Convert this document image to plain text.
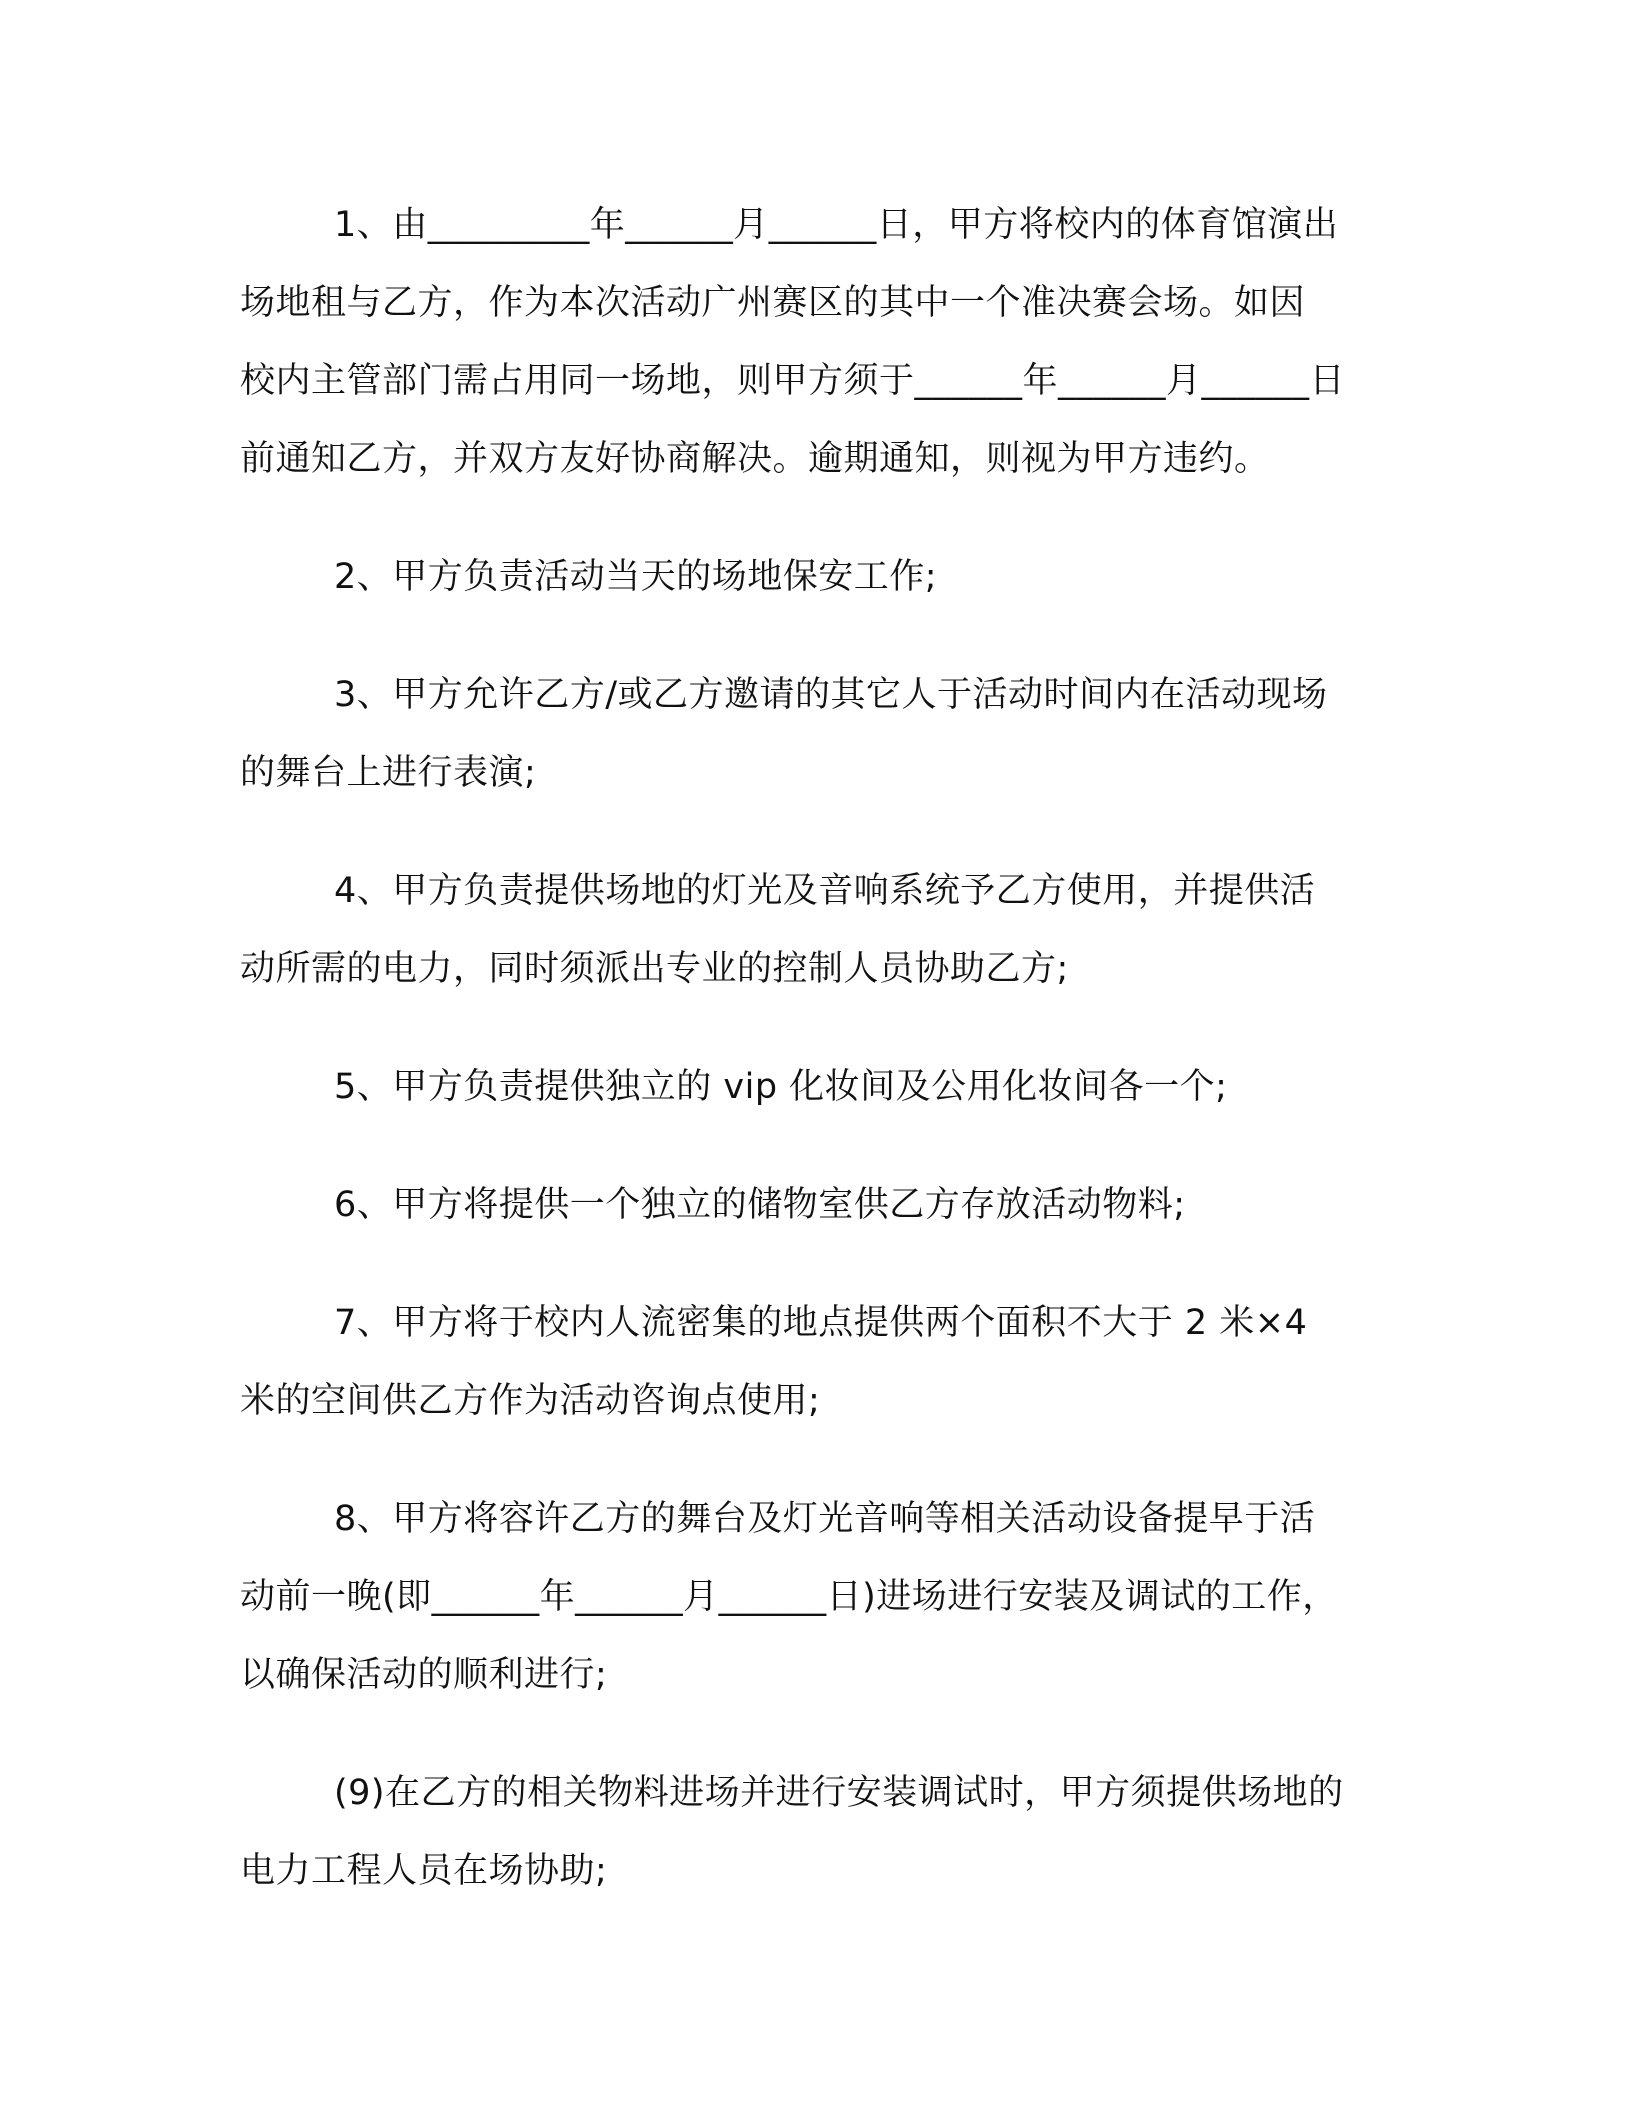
1、由_________年______月______日，甲方将校内的体育馆演出
场地租与乙方，作为本次活动广州赛区的其中一个准决赛会场。如因
校内主管部门需占用同一场地，则甲方须于______年______月______日
前通知乙方，并双方友好协商解决。逾期通知，则视为甲方违约。
2、甲方负责活动当天的场地保安工作;
3、甲方允许乙方/或乙方邀请的其它人于活动时间内在活动现场
的舞台上进行表演;
4、甲方负责提供场地的灯光及音响系统予乙方使用，并提供活
动所需的电力，同时须派出专业的控制人员协助乙方;
5、甲方负责提供独立的 vip 化妆间及公用化妆间各一个;
6、甲方将提供一个独立的储物室供乙方存放活动物料;
7、甲方将于校内人流密集的地点提供两个面积不大于 2 米×4
米的空间供乙方作为活动咨询点使用;
8、甲方将容许乙方的舞台及灯光音响等相关活动设备提早于活
动前一晚(即______年______月______日)进场进行安装及调试的工作，
以确保活动的顺利进行;
(9)在乙方的相关物料进场并进行安装调试时，甲方须提供场地的
电力工程人员在场协助;
